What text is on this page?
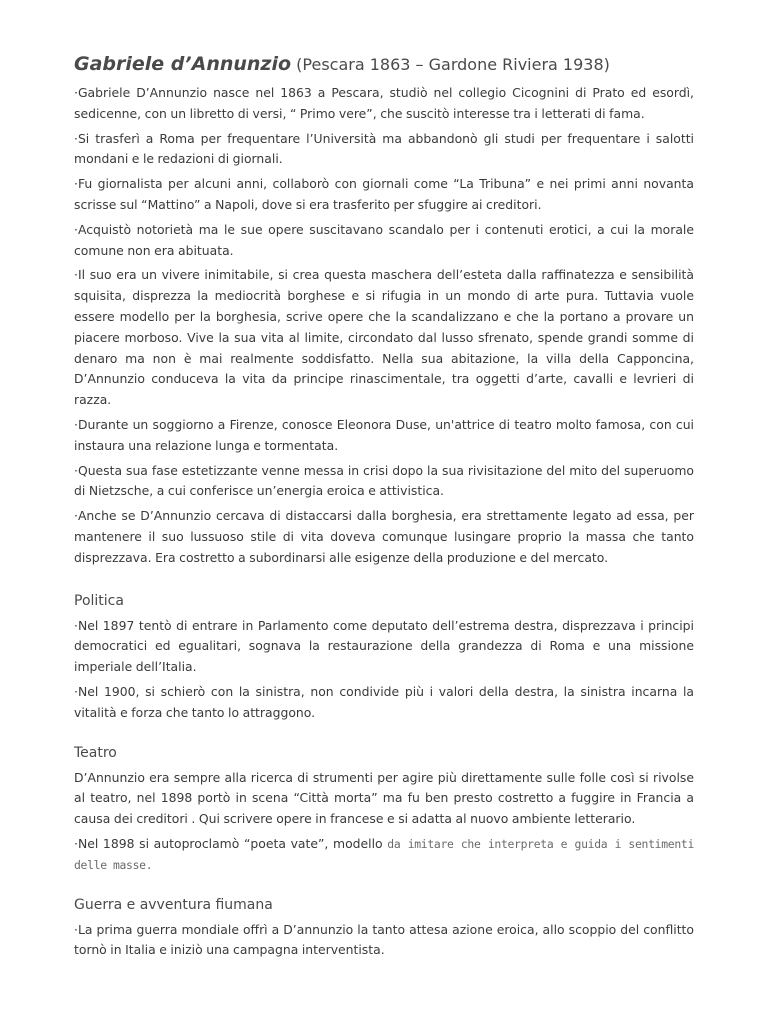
Gabriele d’Annunzio (Pescara 1863 – Gardone Riviera 1938)

·Gabriele D’Annunzio nasce nel 1863 a Pescara, studiò nel collegio Cicognini di Prato ed esordì, sedicenne, con un libretto di versi, “ Primo vere”, che suscitò interesse tra i letterati di fama.

·Si trasferì a Roma per frequentare l’Università ma abbandonò gli studi per frequentare i salotti mondani e le redazioni di giornali.

·Fu giornalista per alcuni anni, collaborò con giornali come “La Tribuna” e nei primi anni novanta scrisse sul “Mattino” a Napoli, dove si era trasferito per sfuggire ai creditori.

·Acquistò notorietà ma le sue opere suscitavano scandalo per i contenuti erotici, a cui la morale comune non era abituata.

·Il suo era un vivere inimitabile, si crea questa maschera dell’esteta dalla raffinatezza e sensibilità squisita, disprezza la mediocrità borghese e si rifugia in un mondo di arte pura. Tuttavia vuole essere modello per la borghesia, scrive opere che la scandalizzano e che la portano a provare un piacere morboso. Vive la sua vita al limite, circondato dal lusso sfrenato, spende grandi somme di denaro ma non è mai realmente soddisfatto. Nella sua abitazione, la villa della Capponcina, D’Annunzio conduceva la vita da principe rinascimentale, tra oggetti d’arte, cavalli e levrieri di razza.

·Durante un soggiorno a Firenze, conosce Eleonora Duse, un'attrice di teatro molto famosa, con cui instaura una relazione lunga e tormentata.

·Questa sua fase estetizzante venne messa in crisi dopo la sua rivisitazione del mito del superuomo di Nietzsche, a cui conferisce un’energia eroica e attivistica.

·Anche se D’Annunzio cercava di distaccarsi dalla borghesia, era strettamente legato ad essa, per mantenere il suo lussuoso stile di vita doveva comunque lusingare proprio la massa che tanto disprezzava. Era costretto a subordinarsi alle esigenze della produzione e del mercato.

Politica

·Nel 1897 tentò di entrare in Parlamento come deputato dell’estrema destra, disprezzava i principi democratici ed egualitari, sognava la restaurazione della grandezza di Roma e una missione imperiale dell’Italia.

·Nel 1900, si schierò con la sinistra, non condivide più i valori della destra, la sinistra incarna la vitalità e forza che tanto lo attraggono.

Teatro

D’Annunzio era sempre alla ricerca di strumenti per agire più direttamente sulle folle così si rivolse al teatro, nel 1898 portò in scena “Città morta” ma fu ben presto costretto a fuggire in Francia a causa dei creditori . Qui scrivere opere in francese e si adatta al nuovo ambiente letterario.

·Nel 1898 si autoproclamò “poeta vate”, modello da imitare che interpreta e guida i sentimenti delle masse.

Guerra e avventura fiumana

·La prima guerra mondiale offrì a D’annunzio la tanto attesa azione eroica, allo scoppio del conflitto tornò in Italia e iniziò una campagna interventista.
